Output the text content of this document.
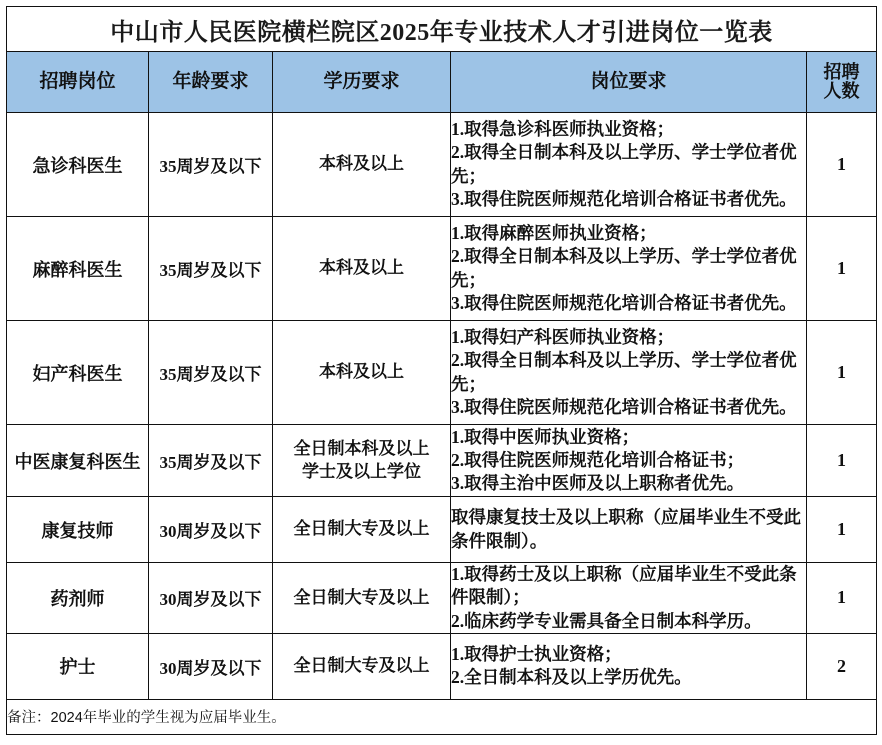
中山市人民医院横栏院区2025年专业技术人才引进岗位一览表				
招聘岗位	年龄要求	学历要求	岗位要求	招聘
人数

急诊科医生	35周岁及以下	本科及以上	1.取得急诊科医师执业资格；
2.取得全日制本科及以上学历、学士学位者优先；
3.取得住院医师规范化培训合格证书者优先。	1
麻醉科医生	35周岁及以下	本科及以上	1.取得麻醉医师执业资格；
2.取得全日制本科及以上学历、学士学位者优先；
3.取得住院医师规范化培训合格证书者优先。	1
妇产科医生	35周岁及以下	本科及以上	1.取得妇产科医师执业资格；
2.取得全日制本科及以上学历、学士学位者优先；
3.取得住院医师规范化培训合格证书者优先。	1
中医康复科医生	35周岁及以下	全日制本科及以上
学士及以上学位	1.取得中医师执业资格；
2.取得住院医师规范化培训合格证书；
3.取得主治中医师及以上职称者优先。	1
康复技师	30周岁及以下	全日制大专及以上	取得康复技士及以上职称（应届毕业生不受此条件限制）。	1
药剂师	30周岁及以下	全日制大专及以上	1.取得药士及以上职称（应届毕业生不受此条件限制）；
2.临床药学专业需具备全日制本科学历。	1
护士	30周岁及以下	全日制大专及以上	1.取得护士执业资格；
2.全日制本科及以上学历优先。	2
备注：2024年毕业的学生视为应届毕业生。				
